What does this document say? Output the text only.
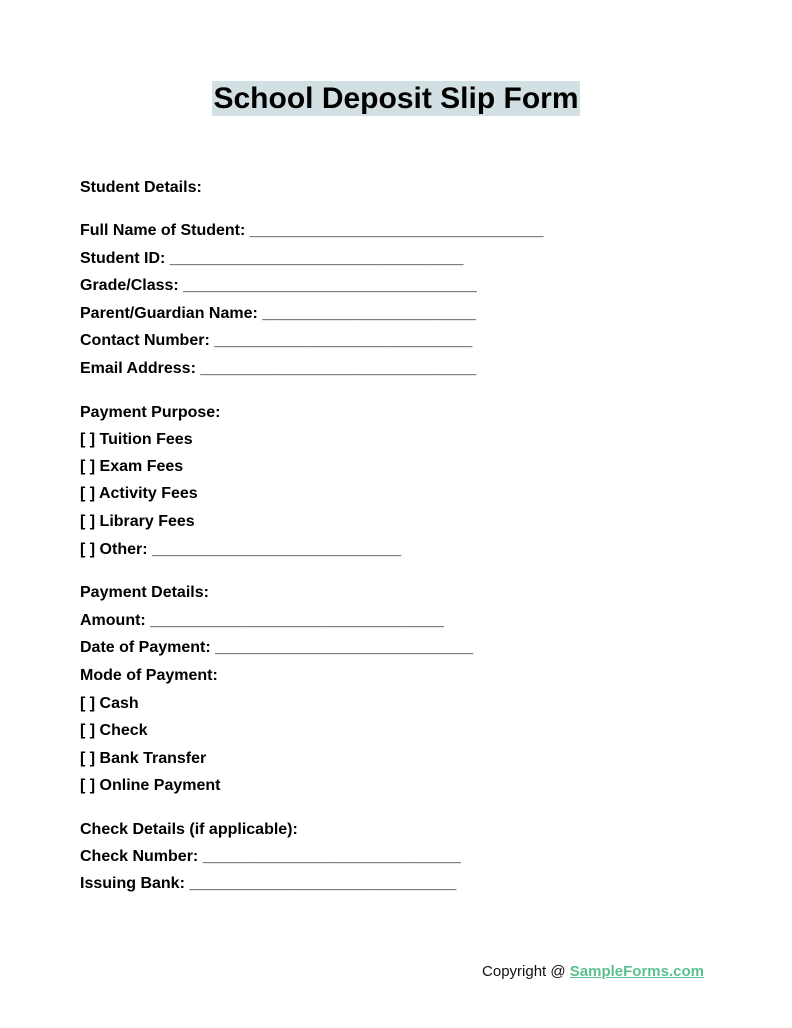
School Deposit Slip Form
Student Details:
Full Name of Student: _________________________________
Student ID: _________________________________
Grade/Class: _________________________________
Parent/Guardian Name: ________________________
Contact Number: _____________________________
Email Address: _______________________________
Payment Purpose:
[ ] Tuition Fees
[ ] Exam Fees
[ ] Activity Fees
[ ] Library Fees
[ ] Other: ____________________________
Payment Details:
Amount: _________________________________
Date of Payment: _____________________________
Mode of Payment:
[ ] Cash
[ ] Check
[ ] Bank Transfer
[ ] Online Payment
Check Details (if applicable):
Check Number: _____________________________
Issuing Bank: ______________________________
Copyright @ SampleForms.com
